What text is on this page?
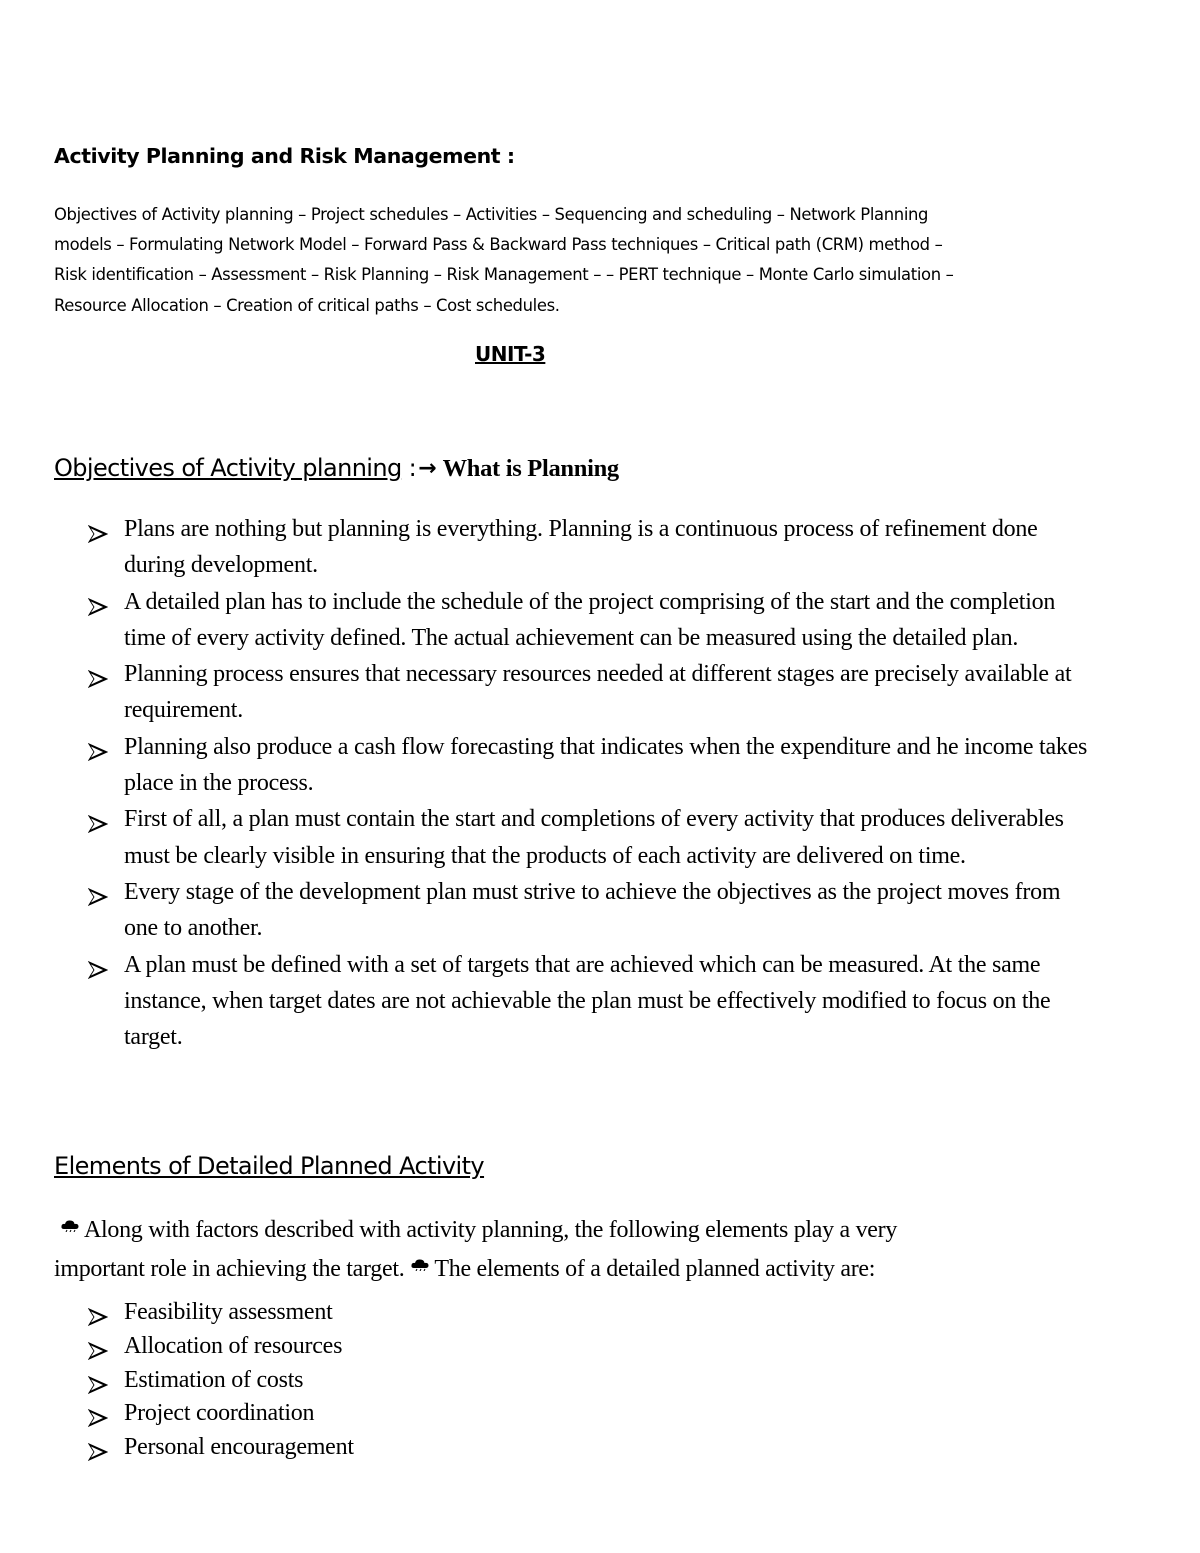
Activity Planning and Risk Management :
Objectives of Activity planning – Project schedules – Activities – Sequencing and scheduling – Network Planning
models – Formulating Network Model – Forward Pass & Backward Pass techniques – Critical path (CRM) method –
Risk identification – Assessment – Risk Planning – Risk Management – – PERT technique – Monte Carlo simulation –
Resource Allocation – Creation of critical paths – Cost schedules.
UNIT-3
Objectives of Activity planning :→ What is Planning
Plans are nothing but planning is everything. Planning is a continuous process of refinement done during development.
A detailed plan has to include the schedule of the project comprising of the start and the completion time of every activity defined. The actual achievement can be measured using the detailed plan.
Planning process ensures that necessary resources needed at different stages are precisely available at requirement.
Planning also produce a cash flow forecasting that indicates when the expenditure and he income takes place in the process.
First of all, a plan must contain the start and completions of every activity that produces deliverables must be clearly visible in ensuring that the products of each activity are delivered on time.
Every stage of the development plan must strive to achieve the objectives as the project moves from one to another.
A plan must be defined with a set of targets that are achieved which can be measured. At the same instance, when target dates are not achievable the plan must be effectively modified to focus on the target.
Elements of Detailed Planned Activity
Along with factors described with activity planning, the following elements play a very
important role in achieving the target. The elements of a detailed planned activity are:
Feasibility assessment
Allocation of resources
Estimation of costs
Project coordination
Personal encouragement
